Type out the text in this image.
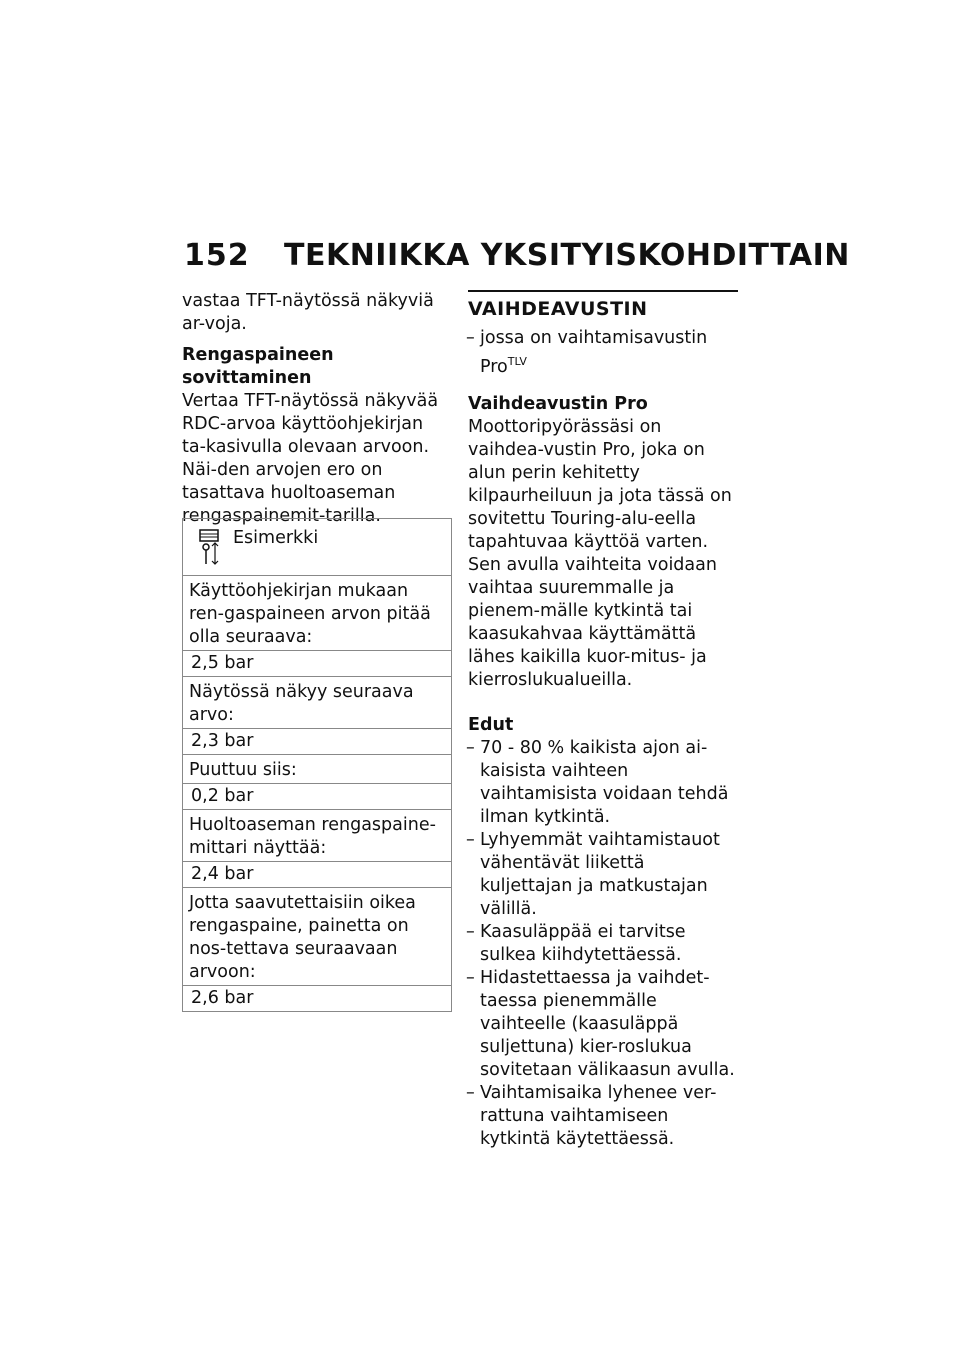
152 TEKNIIKKA YKSITYISKOHDITTAIN

vastaa TFT-näytössä näkyviä ar-voja.

Rengaspaineen sovittaminen

Vertaa TFT-näytössä näkyvää RDC-arvoa käyttöohjekirjan ta-kasivulla olevaan arvoon. Näi-den arvojen ero on tasattava huoltoaseman rengaspainemit-tarilla.

Esimerkki
Käyttöohjekirjan mukaan ren-gaspaineen arvon pitää olla seuraava:
2,5 bar
Näytössä näkyy seuraava arvo:
2,3 bar
Puuttuu siis:
0,2 bar
Huoltoaseman rengaspaine-mittari näyttää:
2,4 bar
Jotta saavutettaisiin oikea rengaspaine, painetta on nos-tettava seuraavaan arvoon:
2,6 bar
VAIHDEAVUSTIN
– jossa on vaihtamisavustin Pro$^{TLV}$

Vaihdeavustin Pro

Moottoripyörässäsi on vaihdea-vustin Pro, joka on alun perin kehitetty kilpaurheiluun ja jota tässä on sovitettu Touring-alu-eella tapahtuvaa käyttöä varten. Sen avulla vaihteita voidaan vaihtaa suuremmalle ja pienem-mälle kytkintä tai kaasukahvaa käyttämättä lähes kaikilla kuor-mitus- ja kierroslukualueilla.

Edut

– 70 - 80 % kaikista ajon ai-kaisista vaihteen vaihtamisista voidaan tehdä ilman kytkintä.
– Lyhyemmät vaihtamistauot vähentävät liikettä kuljettajan ja matkustajan välillä.
– Kaasuläppää ei tarvitse sulkea kiihdytettäessä.
– Hidastettaessa ja vaihdet-taessa pienemmälle vaihteelle (kaasuläppä suljettuna) kier-roslukua sovitetaan välikaasun avulla.
– Vaihtamisaika lyhenee ver-rattuna vaihtamiseen kytkintä käytettäessä.
